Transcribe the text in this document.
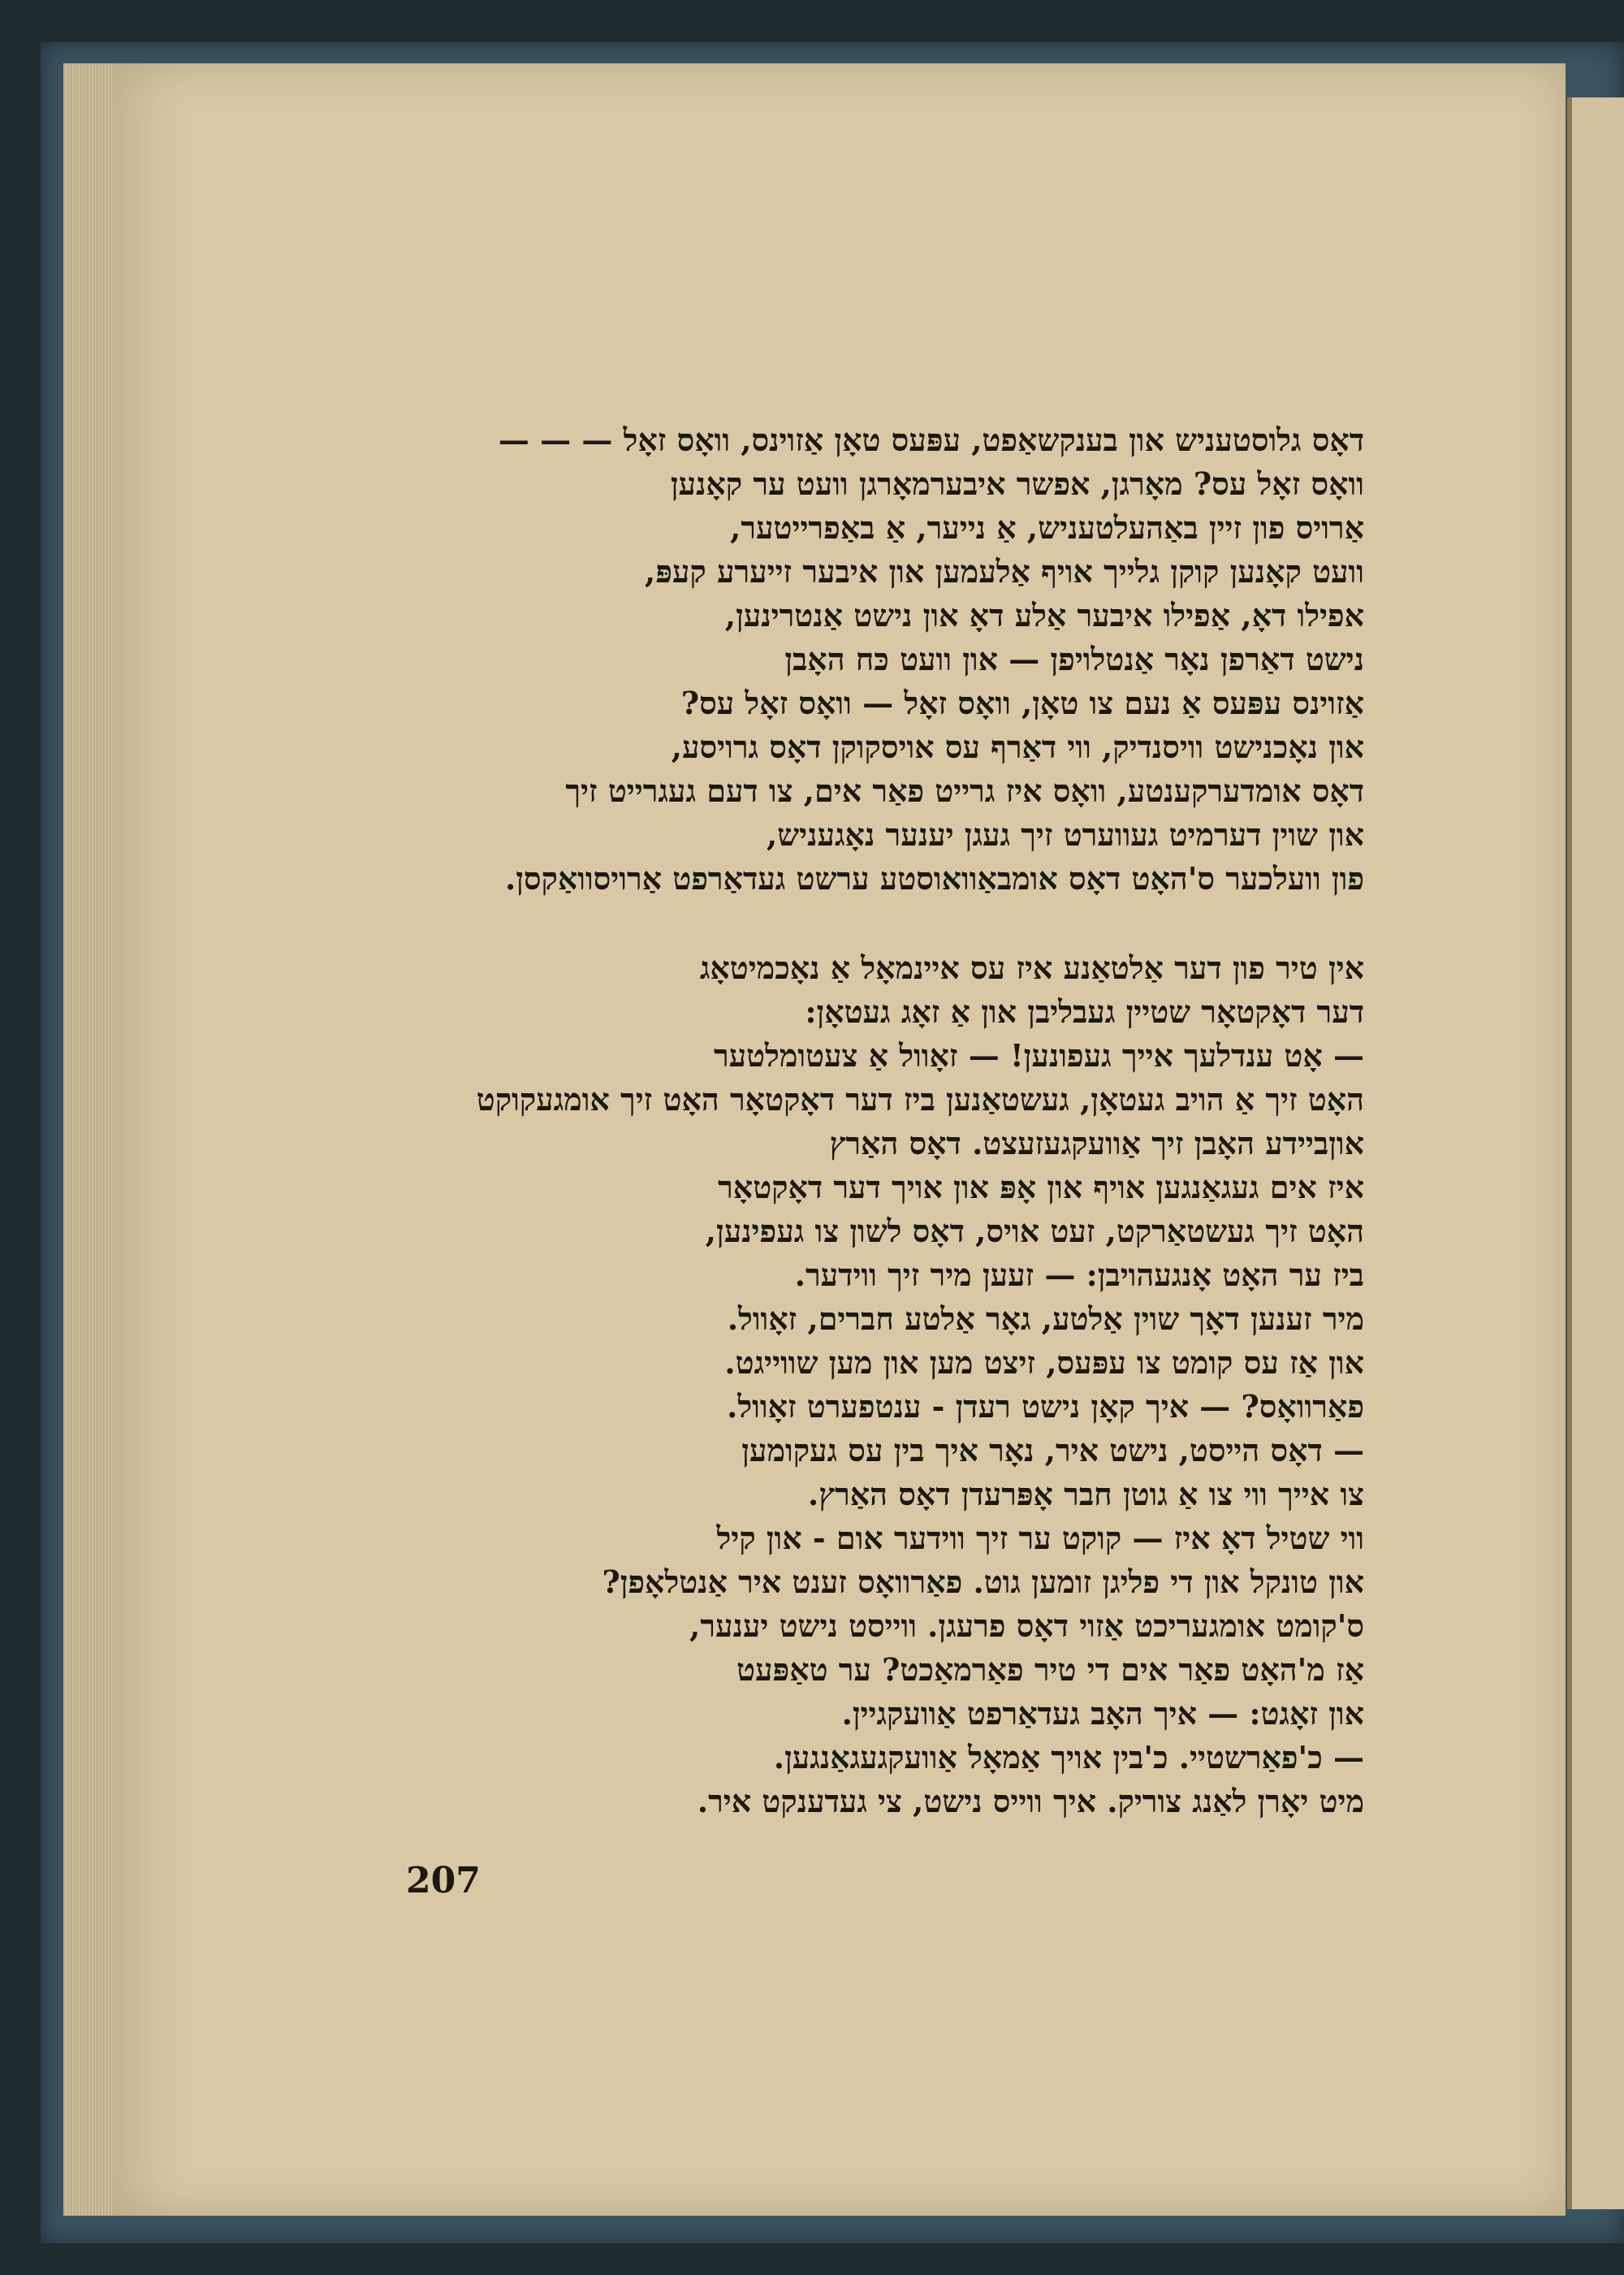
דאָס גלוסטעניש און בענקשאַפט, עפּעס טאָן אַזוינס, וואָס זאָל — — —
וואָס זאָל עס? מאָרגן, אפשר איבערמאָרגן וועט ער קאָנען
אַרויס פון זיין באַהעלטעניש, אַ נייער, אַ באַפרייטער,
וועט קאָנען קוקן גלייך אויף אַלעמען און איבער זייערע קעפּ,
אפילו דאָ, אַפילו איבער אַלע דאָ און נישט אַנטרינען,
נישט דאַרפן נאָר אַנטלויפן — און וועט כּח האָבן
אַזוינס עפּעס אַ נעם צו טאָן, וואָס זאָל — וואָס זאָל עס?
און נאָכנישט וויסנדיק, ווי דאַרף עס אויסקוקן דאָס גרויסע,
דאָס אומדערקענטע, וואָס איז גרייט פאַר אים, צו דעם געגרייט זיך
און שוין דערמיט געווערט זיך געגן יענער נאָגעניש,
פון וועלכער ס'האָט דאָס אומבאַוואוסטע ערשט געדאַרפט אַרויסוואַקסן.
אין טיר פון דער אַלטאַנע איז עס איינמאָל אַ נאָכמיטאָג
דער דאָקטאָר שטיין געבליבן און אַ זאָג געטאָן:
— אָט ענדלעך אייך געפונען! — זאָוול אַ צעטומלטער
האָט זיך אַ הויב געטאָן, געשטאַנען ביז דער דאָקטאָר האָט זיך אומגעקוקט
אוןביידע האָבן זיך אַוועקגעזעצט. דאָס האַרץ
איז אים געגאַנגען אויף און אָפּ און אויך דער דאָקטאָר
האָט זיך געשטאַרקט, זעט אויס, דאָס לשון צו געפינען,
ביז ער האָט אָנגעהויבן: — זעען מיר זיך ווידער.
מיר זענען דאָך שוין אַלטע, גאָר אַלטע חברים, זאָוול.
און אַז עס קומט צו עפּעס, זיצט מען און מען שווייגט.
פאַרוואָס? — איך קאָן נישט רעדן - ענטפערט זאָוול.
— דאָס הייסט, נישט איר, נאָר איך בין עס געקומען
צו אייך ווי צו אַ גוטן חבר אָפּרעדן דאָס האַרץ.
ווי שטיל דאָ איז — קוקט ער זיך ווידער אום - און קיל
און טונקל און די פליגן זומען גוט. פאַרוואָס זענט איר אַנטלאָפן?
ס'קומט אומגעריכט אַזוי דאָס פרעגן. ווייסט נישט יענער,
אַז מ'האָט פאַר אים די טיר פאַרמאַכט? ער טאַפּעט
און זאָגט: — איך האָב געדאַרפט אַוועקגיין.
— כ'פאַרשטיי. כ'בין אויך אַמאָל אַוועקגעגאַנגען.
מיט יאָרן לאַנג צוריק. איך ווייס נישט, צי געדענקט איר.
207
